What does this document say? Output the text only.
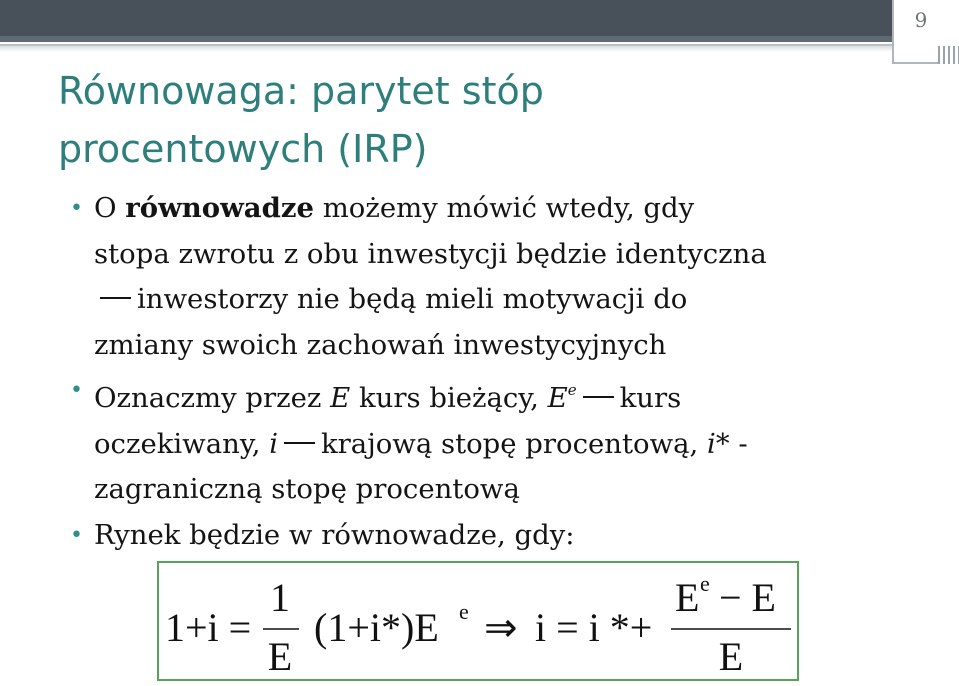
9
Równowaga: parytet stóp
procentowych (IRP)
• O równowadze możemy mówić wtedy, gdy
stopa zwrotu z obu inwestycji będzie identyczna
inwestorzy nie będą mieli motywacji do
zmiany swoich zachowań inwestycyjnych
• Oznaczmy przez E kurs bieżący, $E^e$ kurs
oczekiwany, i krajową stopę procentową, i* -
zagraniczną stopę procentową
• Rynek będzie w równowadze, gdy:
1+i =
1
E
(1+i*)E e ⇒ i = i *+
E e − E
E
